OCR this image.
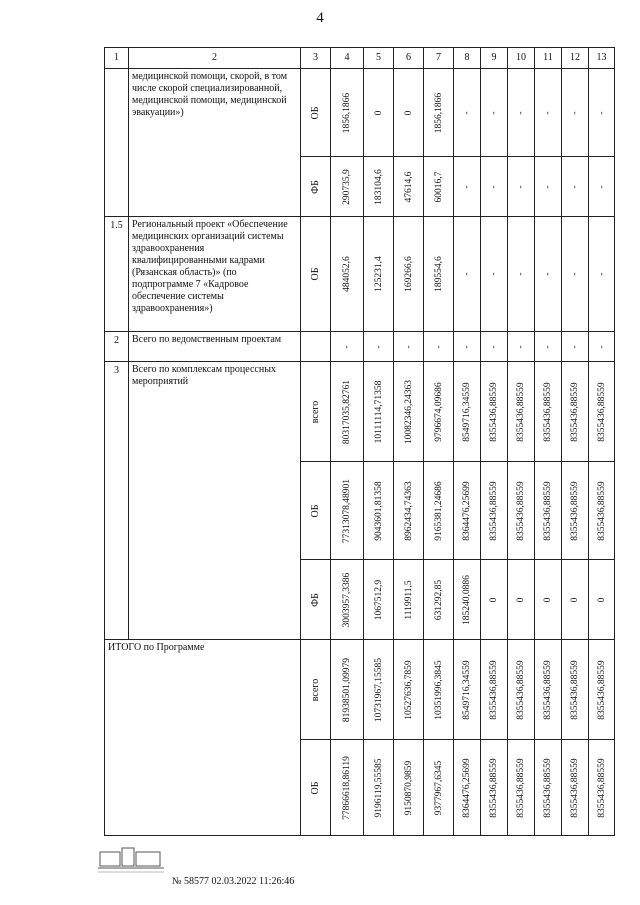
4
1	2	3	4	5	6	7	8	9	10	11	12	13
	медицинской помощи, скорой, в том числе скорой специализированной, медицинской помощи, медицинской эвакуации»)	ОБ	1856,1866	0	0	1856,1866	-	-	-	-	-	-

		ФБ	290735,9	183104,6	47614,6	60016,7	-	-	-	-	-	-

1.5	Региональный проект «Обеспечение медицинских организаций системы здравоохранения квалифицированными кадрами (Рязанская область)» (по подпрограмме 7 «Кадровое обеспечение системы здравоохранения»)	ОБ	484052,6	125231,4	169266,6	189554,6	-	-	-	-	-	-

2	Всего по ведомственным проектам		-	-	-	-	-	-	-	-	-	-

3	Всего по комплексам процессных мероприятий	всего	80317035,82761	10111114,71358	10082346,24363	9796674,09686	8549716,34559	8355436,88559	8355436,88559	8355436,88559	8355436,88559	8355436,88559

		ОБ	77313078,48901	9043601,81358	8962434,74363	9165381,24686	8364476,25699	8355436,88559	8355436,88559	8355436,88559	8355436,88559	8355436,88559

		ФБ	3003957,3386	1067512,9	1119911,5	631292,85	185240,0886	0	0	0	0	0

ИТОГО по Программе		всего	81938501,09979	10731967,15585	10527636,7859	10351996,3845	8549716,34559	8355436,88559	8355436,88559	8355436,88559	8355436,88559	8355436,88559

		ОБ	77866618,86119	9196119,55585	9150870,9859	9377967,6345	8364476,25699	8355436,88559	8355436,88559	8355436,88559	8355436,88559	8355436,88559
№ 58577 02.03.2022 11:26:46
